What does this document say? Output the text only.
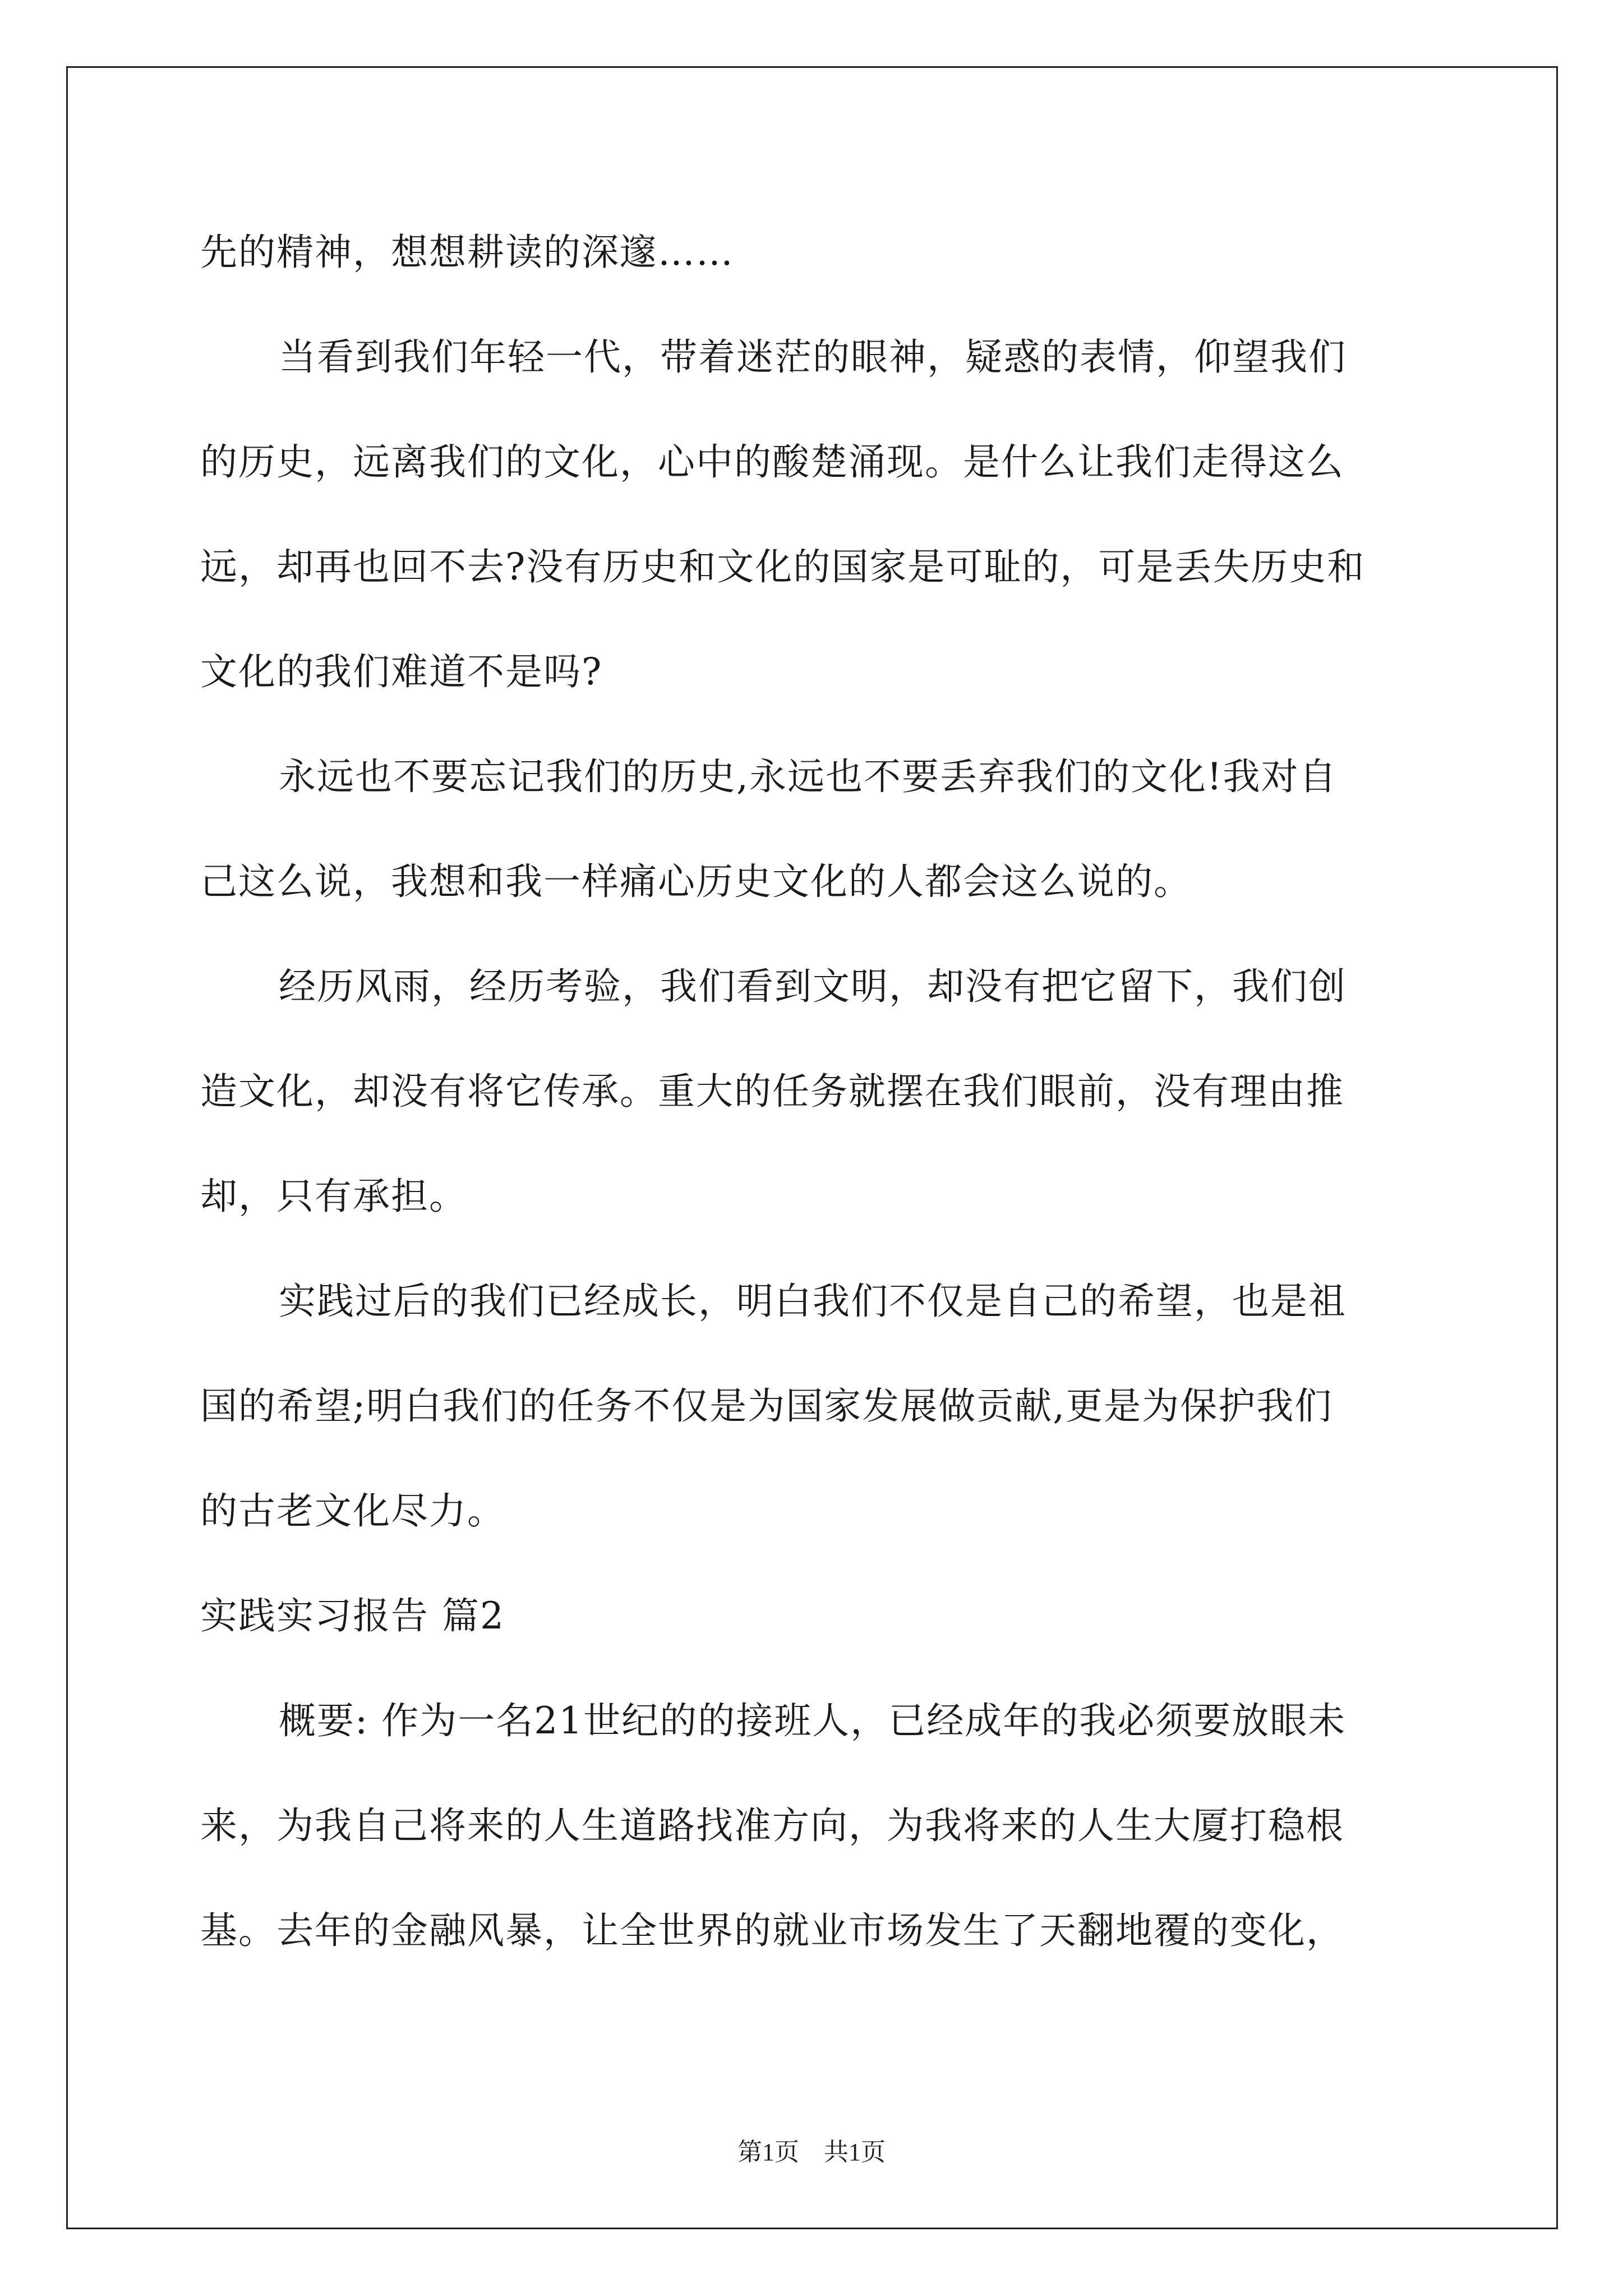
先的精神，想想耕读的深邃……
当看到我们年轻一代，带着迷茫的眼神，疑惑的表情，仰望我们
的历史，远离我们的文化，心中的酸楚涌现。是什么让我们走得这么
远，却再也回不去?没有历史和文化的国家是可耻的，可是丢失历史和
文化的我们难道不是吗?
永远也不要忘记我们的历史,永远也不要丢弃我们的文化!我对自
己这么说，我想和我一样痛心历史文化的人都会这么说的。
经历风雨，经历考验，我们看到文明，却没有把它留下，我们创
造文化，却没有将它传承。重大的任务就摆在我们眼前，没有理由推
却，只有承担。
实践过后的我们已经成长，明白我们不仅是自己的希望，也是祖
国的希望;明白我们的任务不仅是为国家发展做贡献,更是为保护我们
的古老文化尽力。
实践实习报告 篇2
概要: 作为一名21世纪的的接班人，已经成年的我必须要放眼未
来，为我自己将来的人生道路找准方向，为我将来的人生大厦打稳根
基。去年的金融风暴，让全世界的就业市场发生了天翻地覆的变化，
第1页　共1页
